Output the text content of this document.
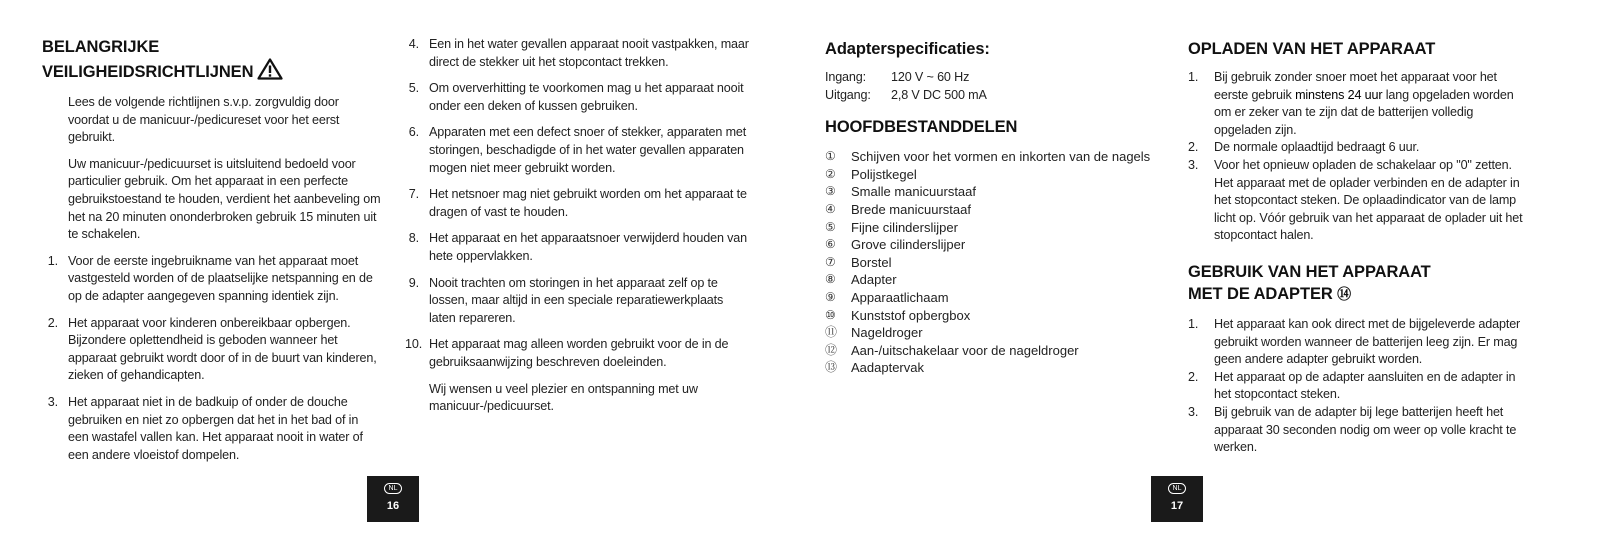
BELANGRIJKE
VEILIGHEIDSRICHTLIJNEN

Lees de volgende richtlijnen s.v.p. zorgvuldig door voordat u de manicuur-/pedicureset voor het eerst gebruikt.

Uw manicuur-/pedicuurset is uitsluitend bedoeld voor particulier gebruik. Om het apparaat in een perfecte gebruikstoestand te houden, verdient het aanbeveling om het na 20 minuten ononderbroken gebruik 15 minuten uit te schakelen.

1. Voor de eerste ingebruikname van het apparaat moet vastgesteld worden of de plaatselijke netspanning en de op de adapter aangegeven spanning identiek zijn.
2. Het apparaat voor kinderen onbereikbaar opbergen. Bijzondere oplettendheid is geboden wanneer het apparaat gebruikt wordt door of in de buurt van kinderen, zieken of gehandicapten.
3. Het apparaat niet in de badkuip of onder de douche gebruiken en niet zo opbergen dat het in het bad of in een wastafel vallen kan. Het apparaat nooit in water of een andere vloeistof dompelen.
4. Een in het water gevallen apparaat nooit vastpakken, maar direct de stekker uit het stopcontact trekken.
5. Om oververhitting te voorkomen mag u het apparaat nooit onder een deken of kussen gebruiken.
6. Apparaten met een defect snoer of stekker, apparaten met storingen, beschadigde of in het water gevallen apparaten mogen niet meer gebruikt worden.
7. Het netsnoer mag niet gebruikt worden om het apparaat te dragen of vast te houden.
8. Het apparaat en het apparaatsnoer verwijderd houden van hete oppervlakken.
9. Nooit trachten om storingen in het apparaat zelf op te lossen, maar altijd in een speciale reparatiewerkplaats laten repareren.
10. Het apparaat mag alleen worden gebruikt voor de in de gebruiksaanwijzing beschreven doeleinden.

Wij wensen u veel plezier en ontspanning met uw manicuur-/pedicuurset.

NL
16
Adapterspecificaties:
Ingang:	120 V ~ 60 Hz
Uitgang:	2,8 V DC 500 mA
HOOFDBESTANDDELEN
①	Schijven voor het vormen en inkorten van de nagels
②	Polijstkegel
③	Smalle manicuurstaaf
④	Brede manicuurstaaf
⑤	Fijne cilinderslijper
⑥	Grove cilinderslijper
⑦	Borstel
⑧	Adapter
⑨	Apparaatlichaam
⑩	Kunststof opbergbox
⑪	Nageldroger
⑫	Aan-/uitschakelaar voor de nageldroger
⑬	Aadaptervak
OPLADEN VAN HET APPARAAT
1.	Bij gebruik zonder snoer moet het apparaat voor het eerste gebruik minstens 24 uur lang opgeladen worden om er zeker van te zijn dat de batterijen volledig opgeladen zijn.
2.	De normale oplaadtijd bedraagt 6 uur.
3.	Voor het opnieuw opladen de schakelaar op "0" zetten. Het apparaat met de oplader verbinden en de adapter in het stopcontact steken. De oplaadindicator van de lamp licht op. Vóór gebruik van het apparaat de oplader uit het stopcontact halen.
GEBRUIK VAN HET APPARAAT
MET DE ADAPTER ⑭
1.	Het apparaat kan ook direct met de bijgeleverde adapter gebruikt worden wanneer de batterijen leeg zijn. Er mag geen andere adapter gebruikt worden.
2.	Het apparaat op de adapter aansluiten en de adapter in het stopcontact steken.
3.	Bij gebruik van de adapter bij lege batterijen heeft het apparaat 30 seconden nodig om weer op volle kracht te werken.
NL
17
